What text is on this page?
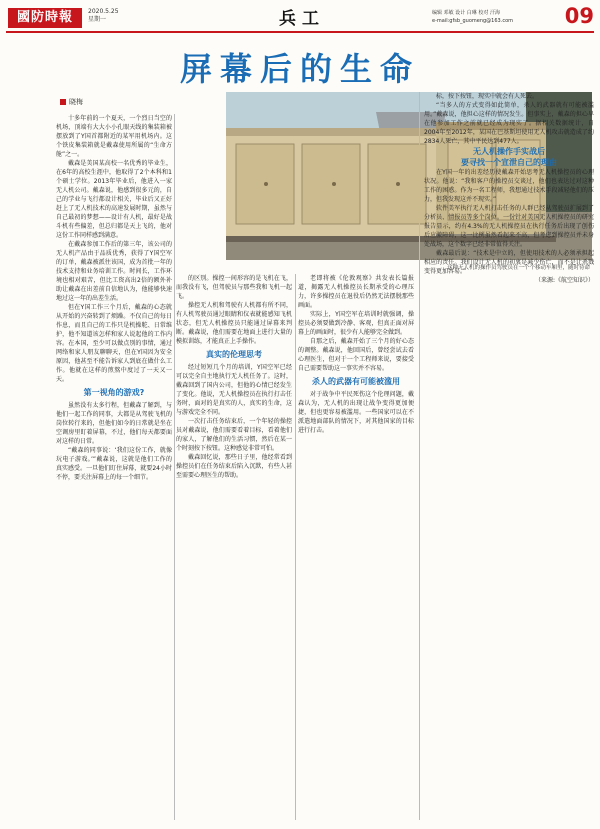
國防時報	2020.5.25
星期一	兵工	编辑 邓敏 设计 白琳 校对 汗海
e-mail:gfsb_guomeng@163.com 09
屏幕后的生命
晓梅
这种无人机的操作员驾驶员在一个个移动车厢里，随时待命

十多年前的一个夏天，一个烈日当空的机场，顶端有大大小小孔眼天线的集装箱被摆放到了Y国首都附近的某军用机场内。这个铁皮集装箱就是戴森使用所属的“生命方舱”之一。

戴森是美国某高校一名优秀的毕业生，在6年的高校生涯中，他取得了2个本科和1个硕士学位。2013年毕业后，他进入一家无人机公司。戴森说，他感到很多元的，自己的学业与飞行都设计相关，毕业后又正好赶上了无人机技术的高速发展时期，虽然与自己最初的梦想——设计有人机，最好是战斗机有些偏差，但总归都是天上飞的，他对这份工作同样感到满意。

在戴森参加工作后的第三年，该公司的无人机产品由于品质优秀，获得了Y国空军的订单，戴森被派往该国，成为首批一年的技术支持和业务培训工作。时间长，工作环境也相对艰苦，但比工资高出2倍的额外补助让戴森在出差前自信地认为，他能够快速地过这一年的出差生活。

但在Y国工作三个月后，戴森的心态就从开始的兴奋转到了烦躁。不仅自己的每日作息，而且自己的工作只是机操舵、日常维护，他不知道该怎样和家人说起他的工作内容。在本国，至少可以做点别的事情，通过网络和家人朋友聊聊天，但在Y国因为安全原因，他甚至不能告诉家人到底在做什么工作。他就在这样的煎熬中度过了一天又一天。

第一视角的游戏?

虽然没有太多行程，但戴森了解到，与他们一起工作的同事，大都是从驾驶飞机的岗位转行来的，但他们如今的日常就是坐在空调房里盯着屏幕，不过，他们每天都要面对这样的日常。

“戴森的同事说：‘我们这份工作，就像玩电子游戏。’”戴森说，这就是他们工作的真实感受。一旦他们盯住屏幕，就要24小时不停，要关注屏幕上的每一个细节。

的区别。操控一间形容的是飞机在飞，而我没有飞，但驾驶员与那些我和飞机一起飞。

操控无人机和驾驶有人机都有所不同，有人机驾驶员通过眼睛和仪表就能感知飞机状态，但无人机操控员只能通过屏幕来判断。戴森说，他们需要在地面上进行大量的模拟训练，才能真正上手操作。

真实的伦理思考

经过短短几个月的培训，Y国空军已经可以完全自主地执行无人机任务了。这时，戴森回到了国内公司，但他的心情已经发生了变化。他说，无人机操控员在执行打击任务时，面对的是真实的人，真实的生命，这与游戏完全不同。

一次打击任务结束后，一个年轻的操控员对戴森说，他们需要看着目标，看着他们的家人，了解他们的生活习惯，然后在某一个时刻按下按钮。这种感觉非常可怕。

戴森回忆说，那些日子里，他经常看到操控员们在任务结束后陷入沉默，有些人甚至需要心理医生的帮助。

老即将被《伦敦观察》共发表长篇报道，揭露无人机操控员长期承受的心理压力，许多操控员在退役后仍然无法摆脱那些画面。

实际上，Y国空军在培训时就强调，操控员必须要做到冷静、客观，但真正面对屏幕上的画面时，很少有人能够完全做到。

自那之后，戴森开始了三个月的好心态的调整。戴森说，他回国后，曾经尝试去看心理医生，但对于一个工程师来说，要接受自己需要帮助这一事实并不容易。

杀人的武器有可能被滥用

对于战争中平民死伤这个伦理问题，戴森认为，无人机的出现让战争变得更加便捷，但也更容易被滥用。一些国家可以在不派遣地面部队的情况下，对其他国家的目标进行打击。

标，按下按钮，现实中就会有人死去。

“当多人的方式变得如此简单，杀人的武器就有可能被滥用。”戴森说，他担心这样的情况发生。但事实上，戴森的担心早在他参加工作之前就已经成为现实了。据相关数据统计，自2004年至2012年，某国在巴基斯坦使用无人机攻击就造成了约2834人死亡，其中平民达到477人。

无人机操作手实战后
要寻找一个宣泄自己的理由

在Y国一年的出差经历使戴森开始思考无人机操控员的心理状况。他说：“我和客户的操控员交谈过，他们也表达过对这种工作的困惑。作为一名工程师，我想通过技术手段减轻他们的压力，但我发现这并不现实。”

软件美军执行无人机打击任务的人群已经从驾驶员扩展到了分析员、情报员等多个岗位。一份针对美国无人机操控员的研究报告显示，约有4.3%的无人机操控员在执行任务后出现了创伤后应激障碍，这一比例虽然看起来不高，但考虑到操控员并未身处战场，这个数字已经非常值得关注。

戴森最后说：“技术是中立的，但使用技术的人必须承担起相应的责任。我们设计无人机的初衷是减少伤亡，而不是让杀戮变得更加容易。”

（来源:《航空知识》）
